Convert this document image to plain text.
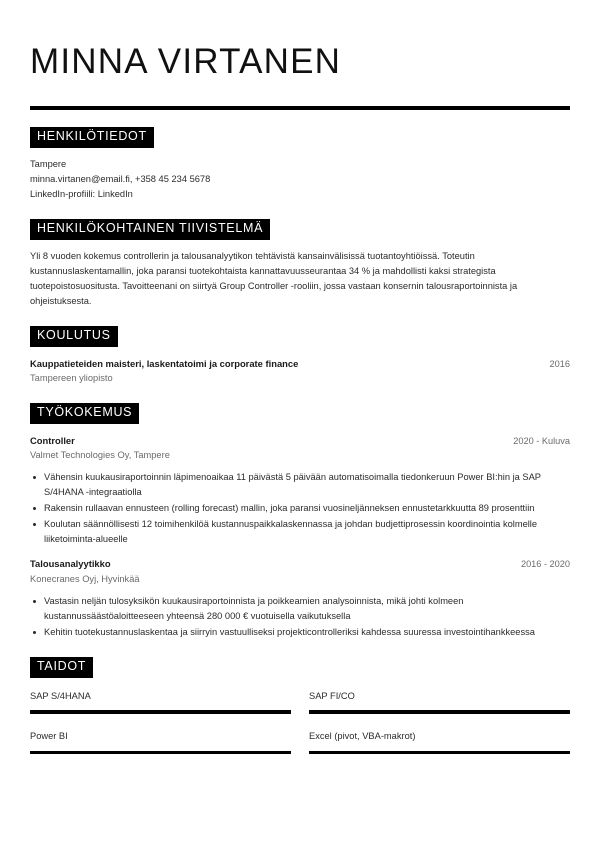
MINNA VIRTANEN
HENKILÖTIEDOT
Tampere
minna.virtanen@email.fi, +358 45 234 5678
LinkedIn-profiili: LinkedIn
HENKILÖKOHTAINEN TIIVISTELMÄ

Yli 8 vuoden kokemus controllerin ja talousanalyytikon tehtävistä kansainvälisissä tuotantoyhtiöissä. Toteutin kustannuslaskentamallin, joka paransi tuotekohtaista kannattavuusseurantaa 34 % ja mahdollisti kaksi strategista tuotepoistosuositusta. Tavoitteenani on siirtyä Group Controller -rooliin, jossa vastaan konsernin talousraportoinnista ja ohjeistuksesta.

KOULUTUS
Kauppatieteiden maisteri, laskentatoimi ja corporate finance	2016
Tampereen yliopisto
TYÖKOKEMUS
Controller	2020 - Kuluva
Valmet Technologies Oy, Tampere
Vähensin kuukausiraportoinnin läpimenoaikaa 11 päivästä 5 päivään automatisoimalla tiedonkeruun Power BI:hin ja SAP S/4HANA -integraatiolla
Rakensin rullaavan ennusteen (rolling forecast) mallin, joka paransi vuosineljänneksen ennustetarkkuutta 89 prosenttiin
Koulutan säännöllisesti 12 toimihenkilöä kustannuspaikkalaskennassa ja johdan budjettiprosessin koordinointia kolmelle liiketoiminta-alueelle
Talousanalyytikko	2016 - 2020
Konecranes Oyj, Hyvinkää
Vastasin neljän tulosyksikön kuukausiraportoinnista ja poikkeamien analysoinnista, mikä johti kolmeen kustannussäästöaloitteeseen yhteensä 280 000 € vuotuisella vaikutuksella
Kehitin tuotekustannuslaskentaa ja siirryin vastuulliseksi projekticontrolleriksi kahdessa suuressa investointihankkeessa
TAIDOT
SAP S/4HANA	SAP FI/CO
Power BI	Excel (pivot, VBA-makrot)
